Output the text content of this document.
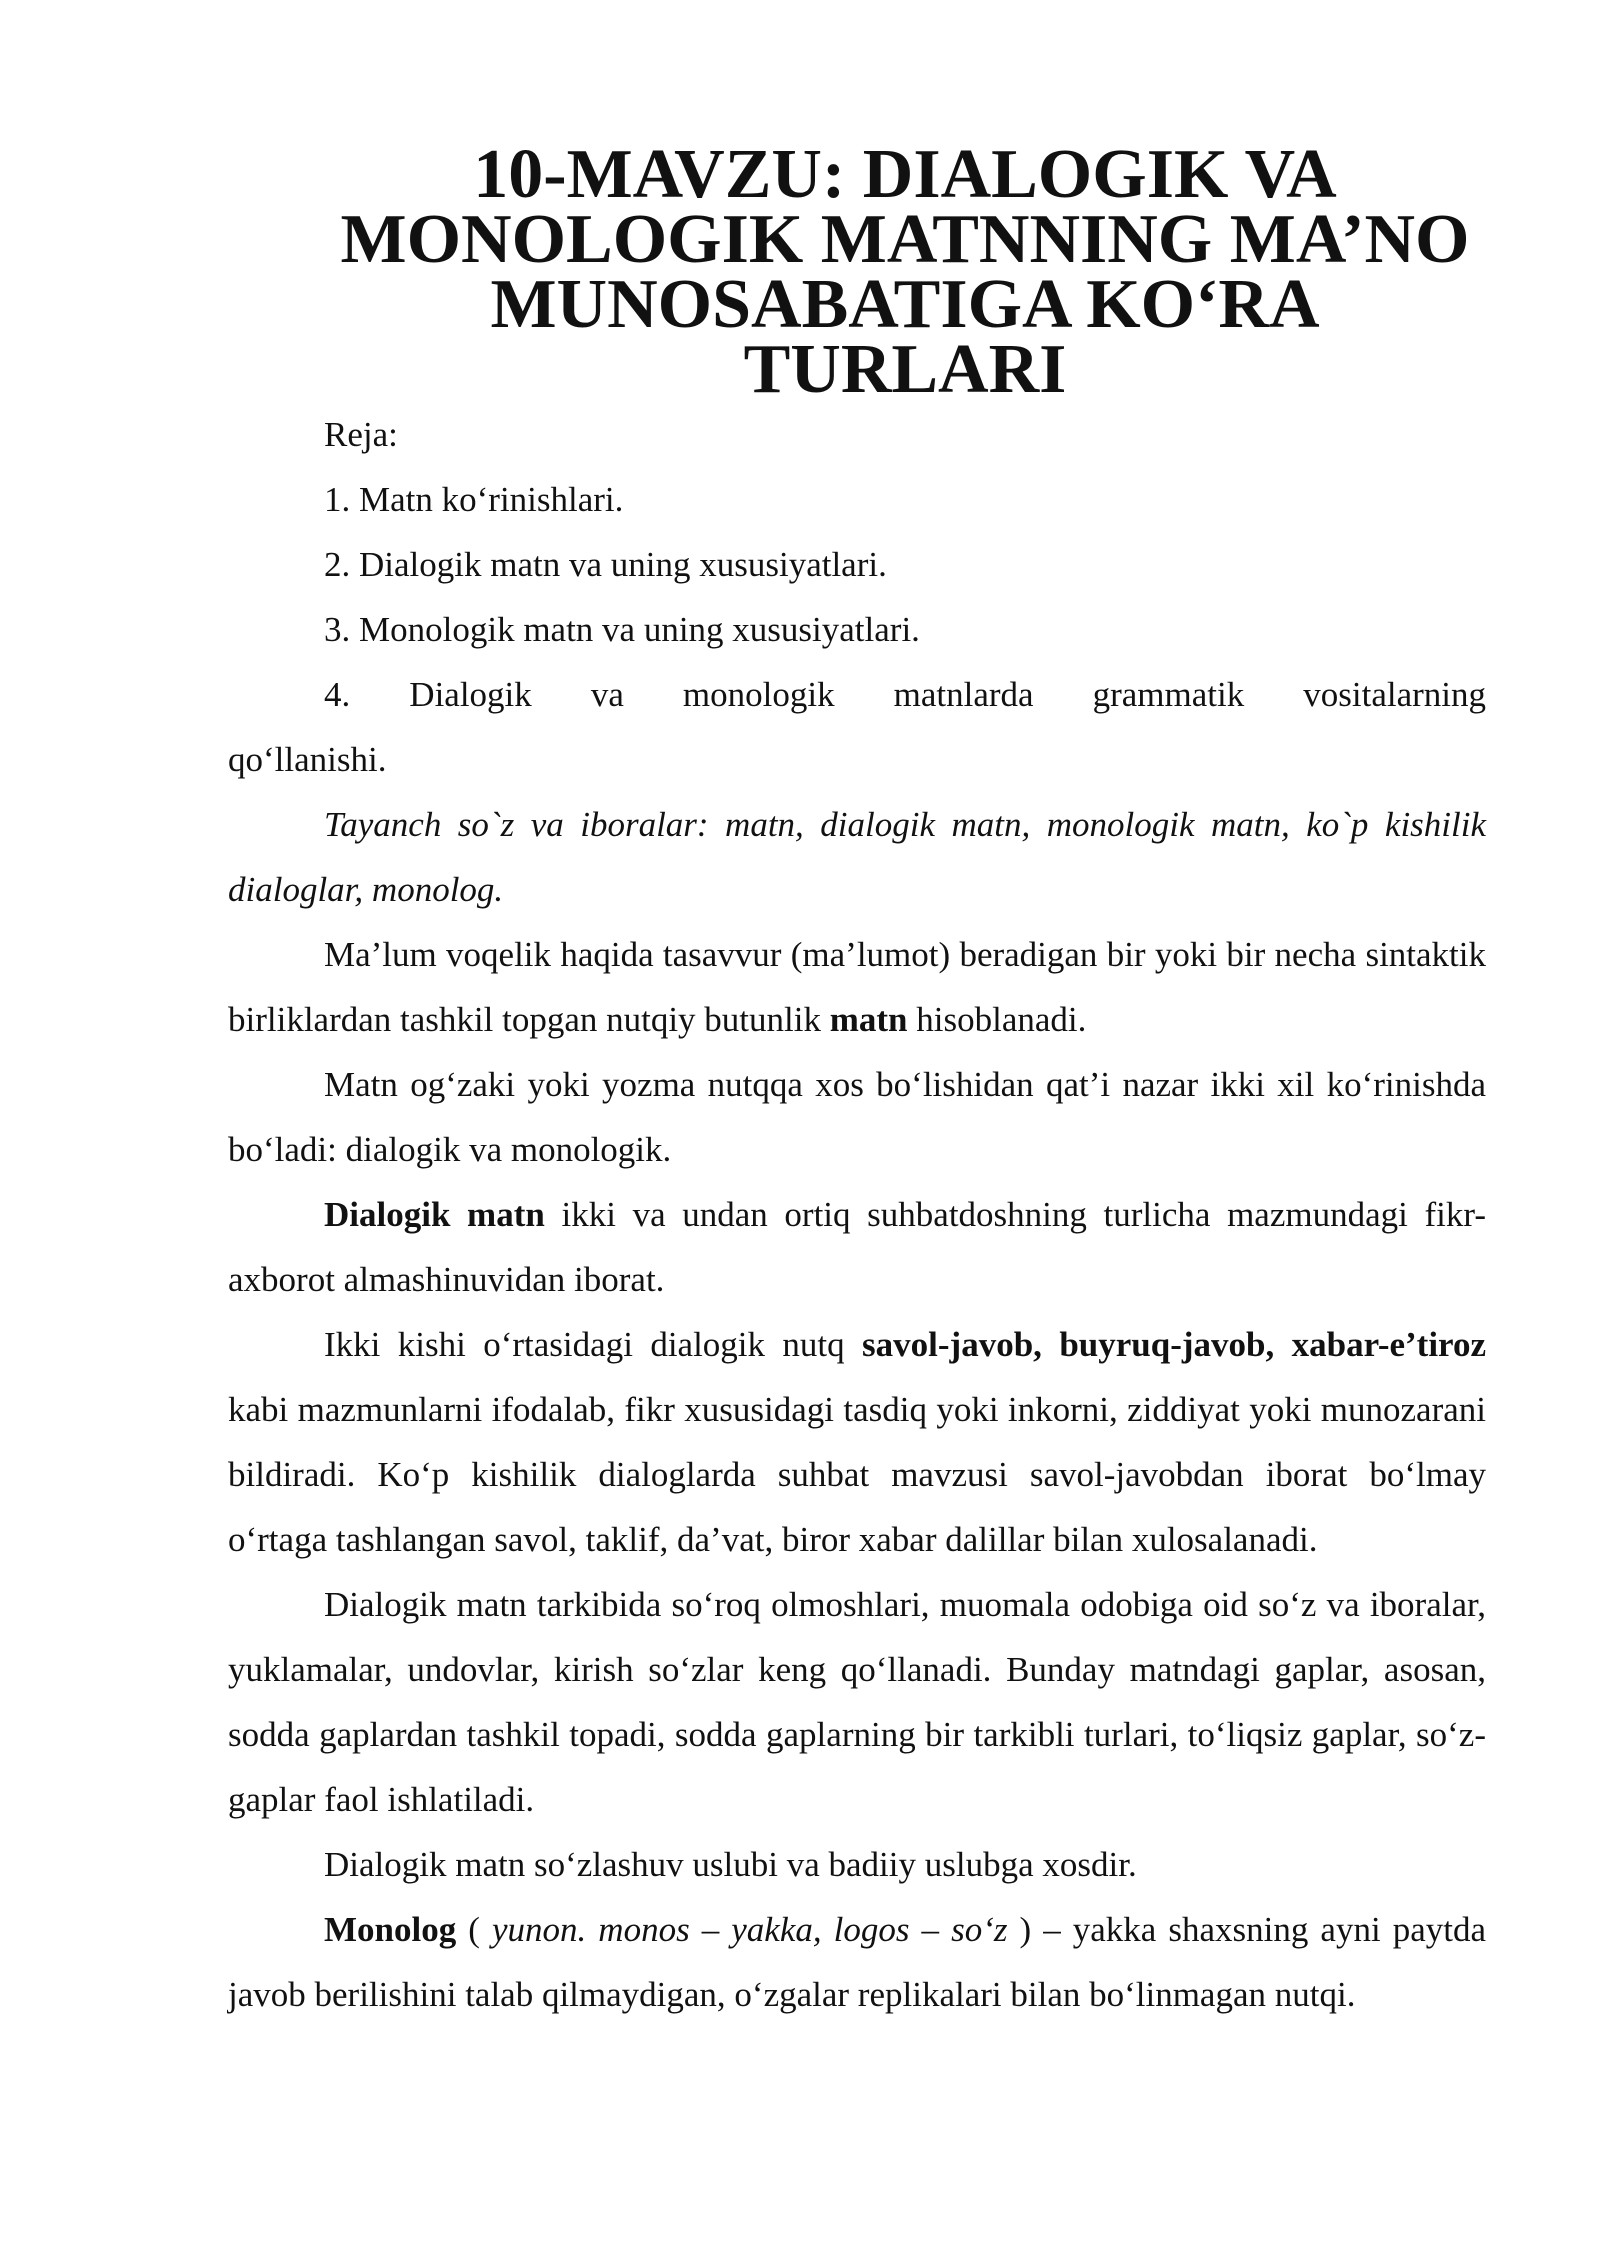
10-MAVZU: DIALOGIK VA MONOLOGIK MATNNING MA’NO
MUNOSABATIGA KO‘RA TURLARI

Reja:

1. Matn ko‘rinishlari.

2. Dialogik matn va uning xususiyatlari.

3. Monologik matn va uning xususiyatlari.

4. Dialogik va monologik matnlarda grammatik vositalarning

qo‘llanishi.

Tayanch so`z va iboralar: matn, dialogik matn, monologik matn, ko`p kishilik dialoglar, monolog.

Ma’lum voqelik haqida tasavvur (ma’lumot) beradigan bir yoki bir necha sintaktik birliklardan tashkil topgan nutqiy butunlik matn hisoblanadi.

Matn og‘zaki yoki yozma nutqqa xos bo‘lishidan qat’i nazar ikki xil ko‘rinishda bo‘ladi: dialogik va monologik.

Dialogik matn ikki va undan ortiq suhbatdoshning turlicha mazmundagi fikr-axborot almashinuvidan iborat.

Ikki kishi o‘rtasidagi dialogik nutq savol-javob, buyruq-javob, xabar-e’tiroz kabi mazmunlarni ifodalab, fikr xususidagi tasdiq yoki inkorni, ziddiyat yoki munozarani bildiradi. Ko‘p kishilik dialoglarda suhbat mavzusi savol-javobdan iborat bo‘lmay o‘rtaga tashlangan savol, taklif, da’vat, biror xabar dalillar bilan xulosalanadi.

Dialogik matn tarkibida so‘roq olmoshlari, muomala odobiga oid so‘z va iboralar, yuklamalar, undovlar, kirish so‘zlar keng qo‘llanadi. Bunday matndagi gaplar, asosan, sodda gaplardan tashkil topadi, sodda gaplarning bir tarkibli turlari, to‘liqsiz gaplar, so‘z-gaplar faol ishlatiladi.

Dialogik matn so‘zlashuv uslubi va badiiy uslubga xosdir.

Monolog ( yunon. monos – yakka, logos – so‘z ) – yakka shaxsning ayni paytda javob berilishini talab qilmaydigan, o‘zgalar replikalari bilan bo‘linmagan nutqi.
